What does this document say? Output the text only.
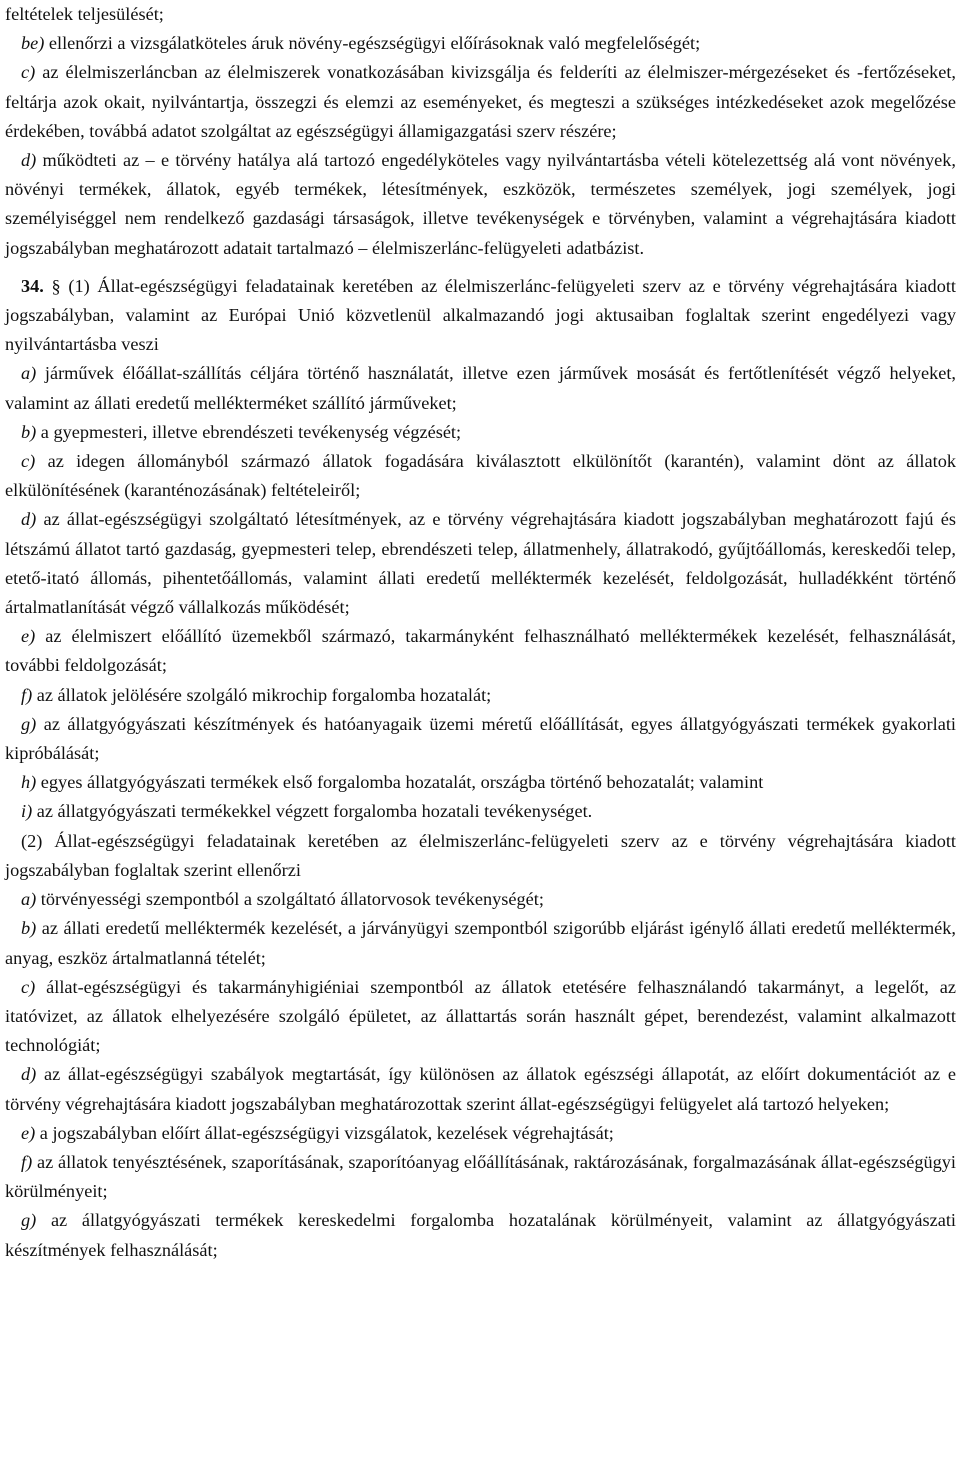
feltételek teljesülését;

be) ellenőrzi a vizsgálatköteles áruk növény-egészségügyi előírásoknak való megfelelőségét;

c) az élelmiszerláncban az élelmiszerek vonatkozásában kivizsgálja és felderíti az élelmiszer-mérgezéseket és -fertőzéseket, feltárja azok okait, nyilvántartja, összegzi és elemzi az eseményeket, és megteszi a szükséges intézkedéseket azok megelőzése érdekében, továbbá adatot szolgáltat az egészségügyi államigazgatási szerv részére;

d) működteti az – e törvény hatálya alá tartozó engedélyköteles vagy nyilvántartásba vételi kötelezettség alá vont növények, növényi termékek, állatok, egyéb termékek, létesítmények, eszközök, természetes személyek, jogi személyek, jogi személyiséggel nem rendelkező gazdasági társaságok, illetve tevékenységek e törvényben, valamint a végrehajtására kiadott jogszabályban meghatározott adatait tartalmazó – élelmiszerlánc-felügyeleti adatbázist.

34. § (1) Állat-egészségügyi feladatainak keretében az élelmiszerlánc-felügyeleti szerv az e törvény végrehajtására kiadott jogszabályban, valamint az Európai Unió közvetlenül alkalmazandó jogi aktusaiban foglaltak szerint engedélyezi vagy nyilvántartásba veszi

a) járművek élőállat-szállítás céljára történő használatát, illetve ezen járművek mosását és fertőtlenítését végző helyeket, valamint az állati eredetű mellékterméket szállító járműveket;

b) a gyepmesteri, illetve ebrendészeti tevékenység végzését;

c) az idegen állományból származó állatok fogadására kiválasztott elkülönítőt (karantén), valamint dönt az állatok elkülönítésének (karanténozásának) feltételeiről;

d) az állat-egészségügyi szolgáltató létesítmények, az e törvény végrehajtására kiadott jogszabályban meghatározott fajú és létszámú állatot tartó gazdaság, gyepmesteri telep, ebrendészeti telep, állatmenhely, állatrakodó, gyűjtőállomás, kereskedői telep, etető-itató állomás, pihentetőállomás, valamint állati eredetű melléktermék kezelését, feldolgozását, hulladékként történő ártalmatlanítását végző vállalkozás működését;

e) az élelmiszert előállító üzemekből származó, takarmányként felhasználható melléktermékek kezelését, felhasználását, további feldolgozását;

f) az állatok jelölésére szolgáló mikrochip forgalomba hozatalát;

g) az állatgyógyászati készítmények és hatóanyagaik üzemi méretű előállítását, egyes állatgyógyászati termékek gyakorlati kipróbálását;

h) egyes állatgyógyászati termékek első forgalomba hozatalát, országba történő behozatalát; valamint

i) az állatgyógyászati termékekkel végzett forgalomba hozatali tevékenységet.

(2) Állat-egészségügyi feladatainak keretében az élelmiszerlánc-felügyeleti szerv az e törvény végrehajtására kiadott jogszabályban foglaltak szerint ellenőrzi

a) törvényességi szempontból a szolgáltató állatorvosok tevékenységét;

b) az állati eredetű melléktermék kezelését, a járványügyi szempontból szigorúbb eljárást igénylő állati eredetű melléktermék, anyag, eszköz ártalmatlanná tételét;

c) állat-egészségügyi és takarmányhigiéniai szempontból az állatok etetésére felhasználandó takarmányt, a legelőt, az itatóvizet, az állatok elhelyezésére szolgáló épületet, az állattartás során használt gépet, berendezést, valamint alkalmazott technológiát;

d) az állat-egészségügyi szabályok megtartását, így különösen az állatok egészségi állapotát, az előírt dokumentációt az e törvény végrehajtására kiadott jogszabályban meghatározottak szerint állat-egészségügyi felügyelet alá tartozó helyeken;

e) a jogszabályban előírt állat-egészségügyi vizsgálatok, kezelések végrehajtását;

f) az állatok tenyésztésének, szaporításának, szaporítóanyag előállításának, raktározásának, forgalmazásának állat-egészségügyi körülményeit;

g) az állatgyógyászati termékek kereskedelmi forgalomba hozatalának körülményeit, valamint az állatgyógyászati készítmények felhasználását;
